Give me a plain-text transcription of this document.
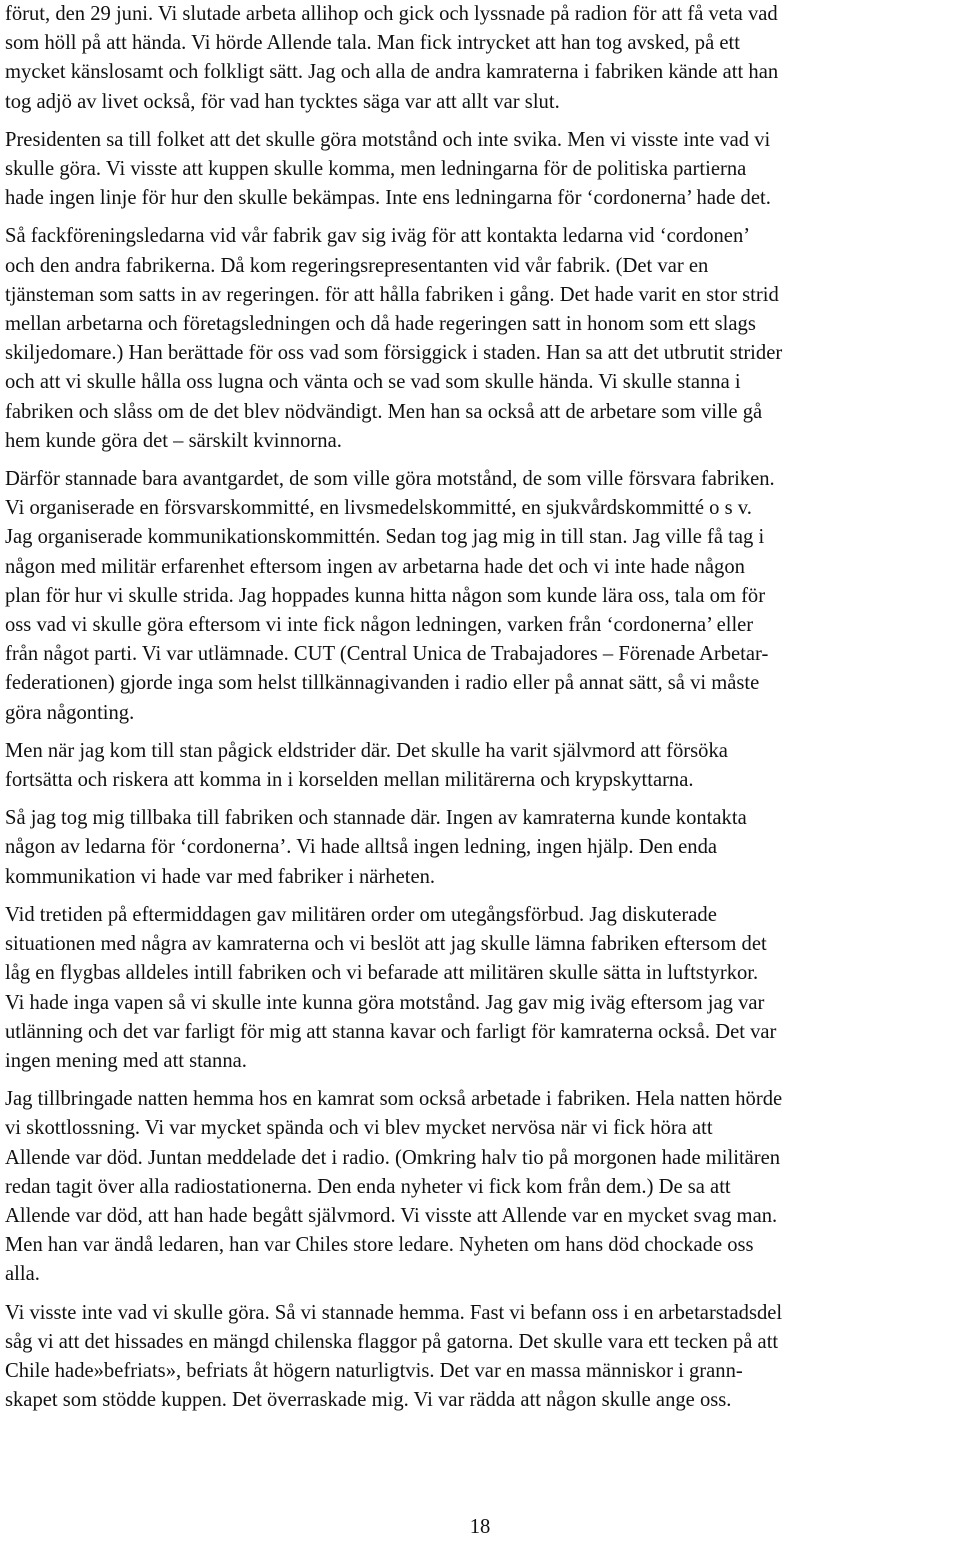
förut, den 29 juni. Vi slutade arbeta allihop och gick och lyssnade på radion för att få veta vad
som höll på att hända. Vi hörde Allende tala. Man fick intrycket att han tog avsked, på ett
mycket känslosamt och folkligt sätt. Jag och alla de andra kamraterna i fabriken kände att han
tog adjö av livet också, för vad han tycktes säga var att allt var slut.
Presidenten sa till folket att det skulle göra motstånd och inte svika. Men vi visste inte vad vi
skulle göra. Vi visste att kuppen skulle komma, men ledningarna för de politiska partierna
hade ingen linje för hur den skulle bekämpas. Inte ens ledningarna för ‘cordonerna’ hade det.
Så fackföreningsledarna vid vår fabrik gav sig iväg för att kontakta ledarna vid ‘cordonen’
och den andra fabrikerna. Då kom regeringsrepresentanten vid vår fabrik. (Det var en
tjänsteman som satts in av regeringen. för att hålla fabriken i gång. Det hade varit en stor strid
mellan arbetarna och företagsledningen och då hade regeringen satt in honom som ett slags
skiljedomare.) Han berättade för oss vad som försiggick i staden. Han sa att det utbrutit strider
och att vi skulle hålla oss lugna och vänta och se vad som skulle hända. Vi skulle stanna i
fabriken och slåss om de det blev nödvändigt. Men han sa också att de arbetare som ville gå
hem kunde göra det – särskilt kvinnorna.
Därför stannade bara avantgardet, de som ville göra motstånd, de som ville försvara fabriken.
Vi organiserade en försvarskommitté, en livsmedelskommitté, en sjukvårdskommitté o s v.
Jag organiserade kommunikationskommittén. Sedan tog jag mig in till stan. Jag ville få tag i
någon med militär erfarenhet eftersom ingen av arbetarna hade det och vi inte hade någon
plan för hur vi skulle strida. Jag hoppades kunna hitta någon som kunde lära oss, tala om för
oss vad vi skulle göra eftersom vi inte fick någon ledningen, varken från ‘cordonerna’ eller
från något parti. Vi var utlämnade. CUT (Central Unica de Trabajadores – Förenade Arbetar-
federationen) gjorde inga som helst tillkännagivanden i radio eller på annat sätt, så vi måste
göra någonting.
Men när jag kom till stan pågick eldstrider där. Det skulle ha varit självmord att försöka
fortsätta och riskera att komma in i korselden mellan militärerna och krypskyttarna.
Så jag tog mig tillbaka till fabriken och stannade där. Ingen av kamraterna kunde kontakta
någon av ledarna för ‘cordonerna’. Vi hade alltså ingen ledning, ingen hjälp. Den enda
kommunikation vi hade var med fabriker i närheten.
Vid tretiden på eftermiddagen gav militären order om utegångsförbud. Jag diskuterade
situationen med några av kamraterna och vi beslöt att jag skulle lämna fabriken eftersom det
låg en flygbas alldeles intill fabriken och vi befarade att militären skulle sätta in luftstyrkor.
Vi hade inga vapen så vi skulle inte kunna göra motstånd. Jag gav mig iväg eftersom jag var
utlänning och det var farligt för mig att stanna kavar och farligt för kamraterna också. Det var
ingen mening med att stanna.
Jag tillbringade natten hemma hos en kamrat som också arbetade i fabriken. Hela natten hörde
vi skottlossning. Vi var mycket spända och vi blev mycket nervösa när vi fick höra att
Allende var död. Juntan meddelade det i radio. (Omkring halv tio på morgonen hade militären
redan tagit över alla radiostationerna. Den enda nyheter vi fick kom från dem.) De sa att
Allende var död, att han hade begått självmord. Vi visste att Allende var en mycket svag man.
Men han var ändå ledaren, han var Chiles store ledare. Nyheten om hans död chockade oss
alla.
Vi visste inte vad vi skulle göra. Så vi stannade hemma. Fast vi befann oss i en arbetarstadsdel
såg vi att det hissades en mängd chilenska flaggor på gatorna. Det skulle vara ett tecken på att
Chile hade»befriats», befriats åt högern naturligtvis. Det var en massa människor i grann-
skapet som stödde kuppen. Det överraskade mig. Vi var rädda att någon skulle ange oss.
18
